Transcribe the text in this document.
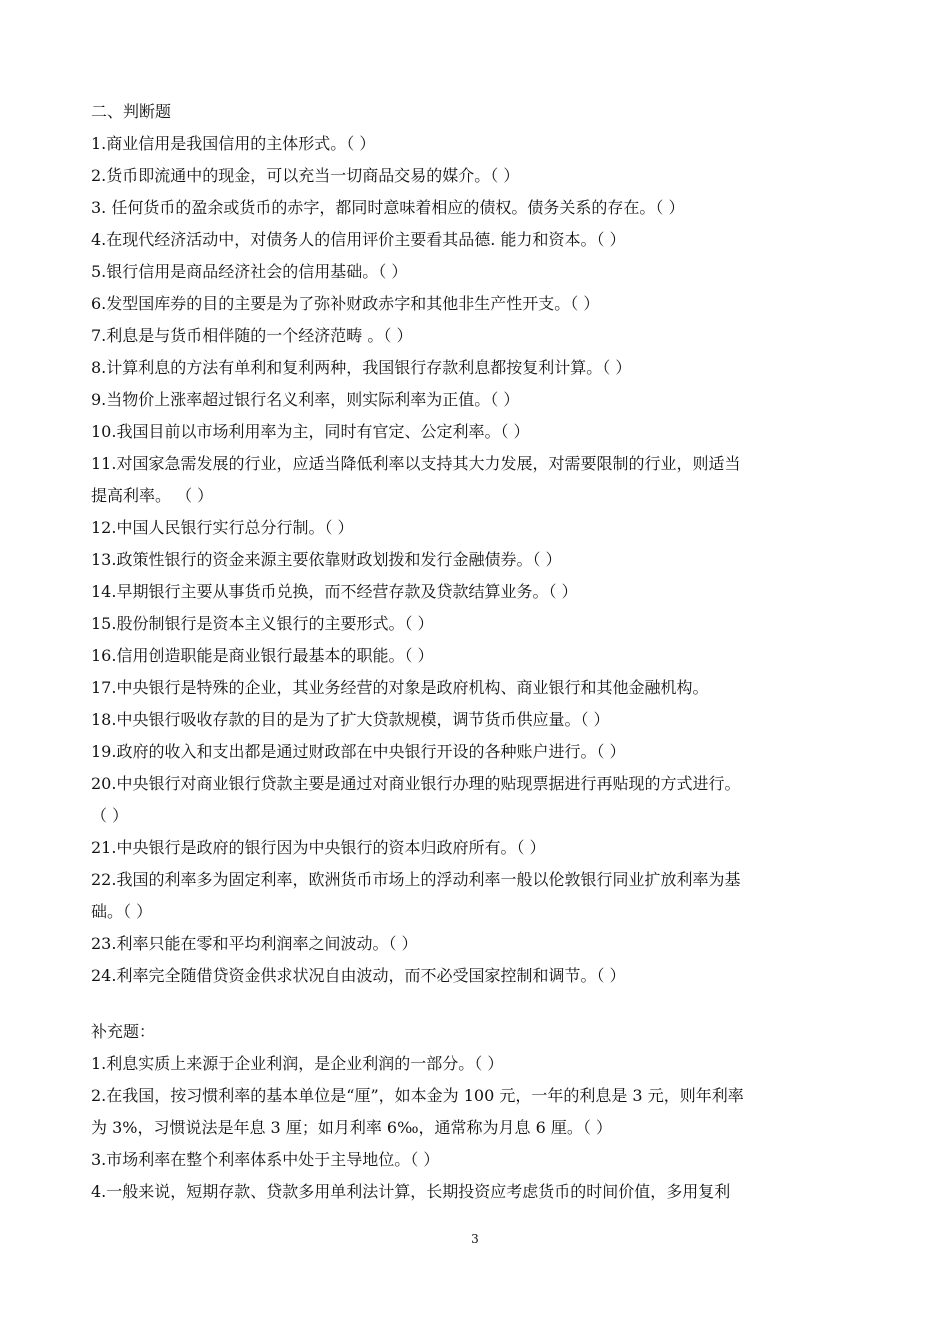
二、判断题
1.商业信用是我国信用的主体形式。（ ）
2.货币即流通中的现金，可以充当一切商品交易的媒介。（ ）
3. 任何货币的盈余或货币的赤字，都同时意味着相应的债权。债务关系的存在。（ ）
4.在现代经济活动中，对债务人的信用评价主要看其品德. 能力和资本。（ ）
5.银行信用是商品经济社会的信用基础。（ ）
6.发型国库券的目的主要是为了弥补财政赤字和其他非生产性开支。（ ）
7.利息是与货币相伴随的一个经济范畴 。（ ）
8.计算利息的方法有单利和复利两种，我国银行存款利息都按复利计算。（ ）
9.当物价上涨率超过银行名义利率，则实际利率为正值。（ ）
10.我国目前以市场利用率为主，同时有官定、公定利率。（ ）
11.对国家急需发展的行业，应适当降低利率以支持其大力发展，对需要限制的行业，则适当
提高利率。 （ ）
12.中国人民银行实行总分行制。（ ）
13.政策性银行的资金来源主要依靠财政划拨和发行金融债券。（ ）
14.早期银行主要从事货币兑换，而不经营存款及贷款结算业务。（ ）
15.股份制银行是资本主义银行的主要形式。（ ）
16.信用创造职能是商业银行最基本的职能。（ ）
17.中央银行是特殊的企业，其业务经营的对象是政府机构、商业银行和其他金融机构。
18.中央银行吸收存款的目的是为了扩大贷款规模，调节货币供应量。（ ）
19.政府的收入和支出都是通过财政部在中央银行开设的各种账户进行。（ ）
20.中央银行对商业银行贷款主要是通过对商业银行办理的贴现票据进行再贴现的方式进行。
（ ）
21.中央银行是政府的银行因为中央银行的资本归政府所有。（ ）
22.我国的利率多为固定利率，欧洲货币市场上的浮动利率一般以伦敦银行同业扩放利率为基
础。（ ）
23.利率只能在零和平均利润率之间波动。（ ）
24.利率完全随借贷资金供求状况自由波动，而不必受国家控制和调节。（ ）
补充题：
1.利息实质上来源于企业利润，是企业利润的一部分。（ ）
2.在我国，按习惯利率的基本单位是“厘”，如本金为 100 元，一年的利息是 3 元，则年利率
为 3%，习惯说法是年息 3 厘；如月利率 6‰，通常称为月息 6 厘。（ ）
3.市场利率在整个利率体系中处于主导地位。（ ）
4.一般来说，短期存款、贷款多用单利法计算，长期投资应考虑货币的时间价值，多用复利
3
